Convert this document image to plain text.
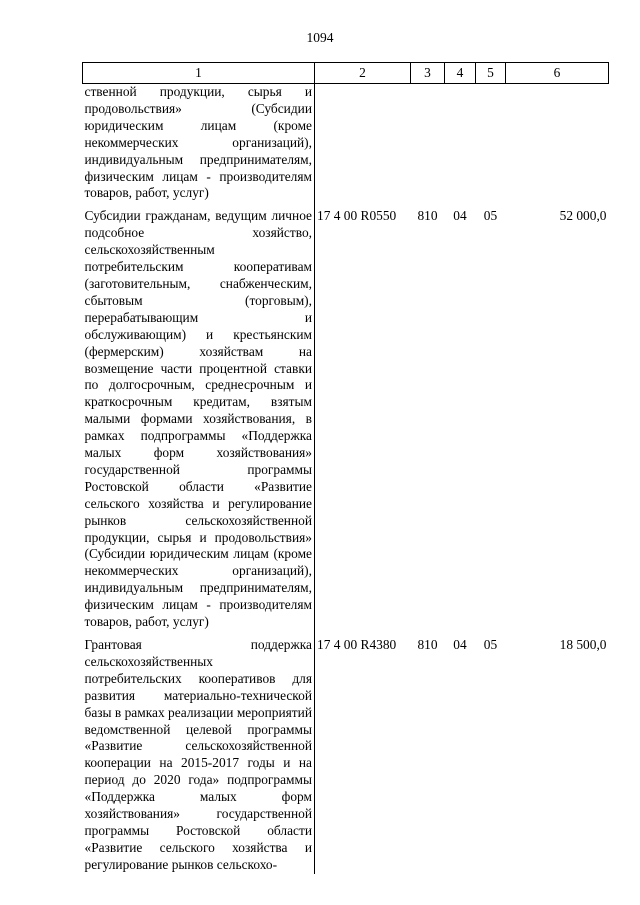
1094
1	2	3	4	5	6
ственной продукции, сырья и продовольствия» (Субсидии юридическим лицам (кроме некоммерческих организаций), индивидуальным предпринимателям, физическим лицам - производителям товаров, работ, услуг)					
Субсидии гражданам, ведущим личное подсобное хозяйство, сельскохозяйственным потребительским кооперативам (заготовительным, снабженческим, сбытовым (торговым), перерабатывающим и обслуживающим) и крестьянским (фермерским) хозяйствам на возмещение части процентной ставки по долгосрочным, среднесрочным и краткосрочным кредитам, взятым малыми формами хозяйствования, в рамках подпрограммы «Поддержка малых форм хозяйствования» государственной программы Ростовской области «Развитие сельского хозяйства и регулирование рынков сельскохозяйственной продукции, сырья и продовольствия» (Субсидии юридическим лицам (кроме некоммерческих организаций), индивидуальным предпринимателям, физическим лицам - производителям товаров, работ, услуг)	17 4 00 R0550	810	04	05	52 000,0
Грантовая поддержка сельскохозяйственных потребительских кооперативов для развития материально-технической базы в рамках реализации мероприятий ведомственной целевой программы «Развитие сельскохозяйственной кооперации на 2015-2017 годы и на период до 2020 года» подпрограммы «Поддержка малых форм хозяйствования» государственной программы Ростовской области «Развитие сельского хозяйства и регулирование рынков сельскохо-	17 4 00 R4380	810	04	05	18 500,0
